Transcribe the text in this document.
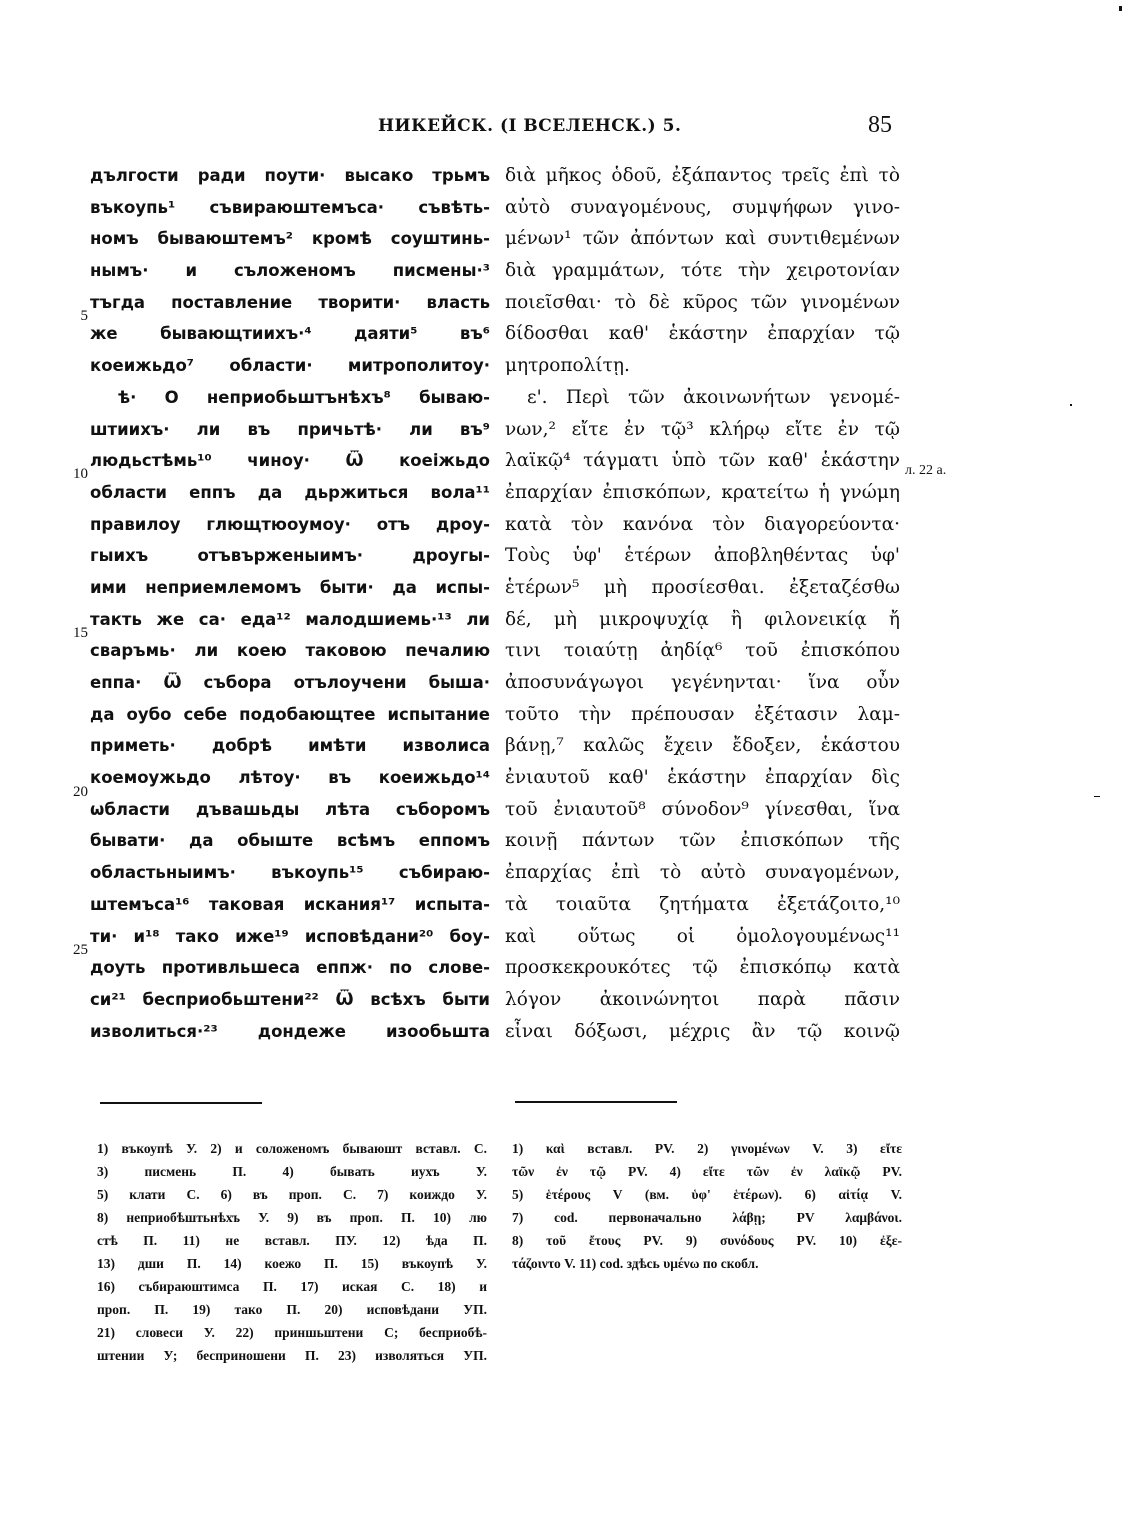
НИКЕЙСК. (I ВСЕЛЕНСК.) 5.	85
5
10
15
20
25
дългости ради поути· высако трьмъ
въкоупь¹ съвираюштемъса· съвѣть-
номъ бываюштемъ² кромѣ соуштинь-
нымъ· и съложеномъ писмены·³
тъгда поставление творити· власть
же бывающтиихъ·⁴ даяти⁵ въ⁶
коеижьдо⁷ области· митрополитоу·
ѣ· О неприобьштънѣхъ⁸ бываю-
штиихъ· ли въ причьтѣ· ли въ⁹
людьстѣмь¹⁰ чиноу· Ѿ коеіжьдо
области еппъ да дьржиться вола¹¹
правилоу глющтюоумоу· отъ дроу-
гыихъ отъвърженыимъ· дроугы-
ими неприемлемомъ быти· да испы-
такть же са· еда¹² малодшиемь·¹³ ли
сваръмь· ли коею таковою печалию
еппа· Ѿ събора отълоучени быша·
да оубо себе подобающтее испытание
приметь· добрѣ имѣти изволиса
коемоужьдо лѣтоу· въ коеижьдо¹⁴
ѡбласти дъвашьды лѣта съборомъ
бывати· да обыште всѣмъ еппомъ
областьныимъ· въкоупь¹⁵ събираю-
штемъса¹⁶ таковая искания¹⁷ испыта-
ти· и¹⁸ тако иже¹⁹ исповѣдани²⁰ боу-
доуть противльшеса еппж· по слове-
си²¹ бесприобьштени²² Ѿ всѣхъ быти
изволиться·²³ дондеже изообьшта
διὰ μῆκος ὁδοῦ, ἐξάπαντος τρεῖς ἐπὶ τὸ
αὐτὸ συναγομένους, συμψήφων γινο-
μένων¹ τῶν ἀπόντων καὶ συντιθεμένων
διὰ γραμμάτων, τότε τὴν χειροτονίαν
ποιεῖσθαι· τὸ δὲ κῦρος τῶν γινομένων
δίδοσθαι καθ' ἑκάστην ἐπαρχίαν τῷ
μητροπολίτῃ.
ε'. Περὶ τῶν ἀκοινωνήτων γενομέ-
νων,² εἴτε ἐν τῷ³ κλήρῳ εἴτε ἐν τῷ
λαϊκῷ⁴ τάγματι ὑπὸ τῶν καθ' ἑκάστην
ἐπαρχίαν ἐπισκόπων, κρατείτω ἡ γνώμη
κατὰ τὸν κανόνα τὸν διαγορεύοντα·
Τοὺς ὑφ' ἑτέρων ἀποβληθέντας ὑφ'
ἑτέρων⁵ μὴ προσίεσθαι. ἐξεταζέσθω
δέ, μὴ μικροψυχίᾳ ἢ φιλονεικίᾳ ἤ
τινι τοιαύτῃ ἀηδίᾳ⁶ τοῦ ἐπισκόπου
ἀποσυνάγωγοι γεγένηνται· ἵνα οὖν
τοῦτο τὴν πρέπουσαν ἐξέτασιν λαμ-
βάνῃ,⁷ καλῶς ἔχειν ἔδοξεν, ἑκάστου
ἐνιαυτοῦ καθ' ἑκάστην ἐπαρχίαν δὶς
τοῦ ἐνιαυτοῦ⁸ σύνοδον⁹ γίνεσθαι, ἵνα
κοινῇ πάντων τῶν ἐπισκόπων τῆς
ἐπαρχίας ἐπὶ τὸ αὐτὸ συναγομένων,
τὰ τοιαῦτα ζητήματα ἐξετάζοιτο,¹⁰
καὶ οὕτως οἱ ὁμολογουμένως¹¹
προσκεκρουκότες τῷ ἐπισκόπῳ κατὰ
λόγον ἀκοινώνητοι παρὰ πᾶσιν
εἶναι δόξωσι, μέχρις ἂν τῷ κοινῷ
л. 22 а.
1) въкоупѣ У. 2) и соложеномъ бываюшт вставл. С.
3) писмень П. 4) бывать иухъ У.
5) клати С. 6) въ проп. С. 7) коиждо У.
8) неприобѣштьнѣхъ У. 9) въ проп. П. 10) лю
стѣ П. 11) не вставл. ПУ. 12) ѣда П.
13) дши П. 14) коежо П. 15) въкоупѣ У.
16) събираюштимса П. 17) иская С. 18) и
проп. П. 19) тако П. 20) исповѣдани УП.
21) словеси У. 22) приншьштени С; бесприобѣ-
штении У; бесприношени П. 23) изволяться УП.
1) καὶ вставл. PV. 2) γινομένων V. 3) εἴτε
τῶν ἐν τῷ PV. 4) εἴτε τῶν ἐν λαϊκῷ PV.
5) ἑτέρους V (вм. ὑφ' ἑτέρων). 6) αἰτίᾳ V.
7) cod. первоначально λάβῃ; PV λαμβάνοι.
8) τοῦ ἔτους PV. 9) συνόδους PV. 10) ἐξε-
τάζοιντο V. 11) cod. здѣсь υμένω по скобл.
